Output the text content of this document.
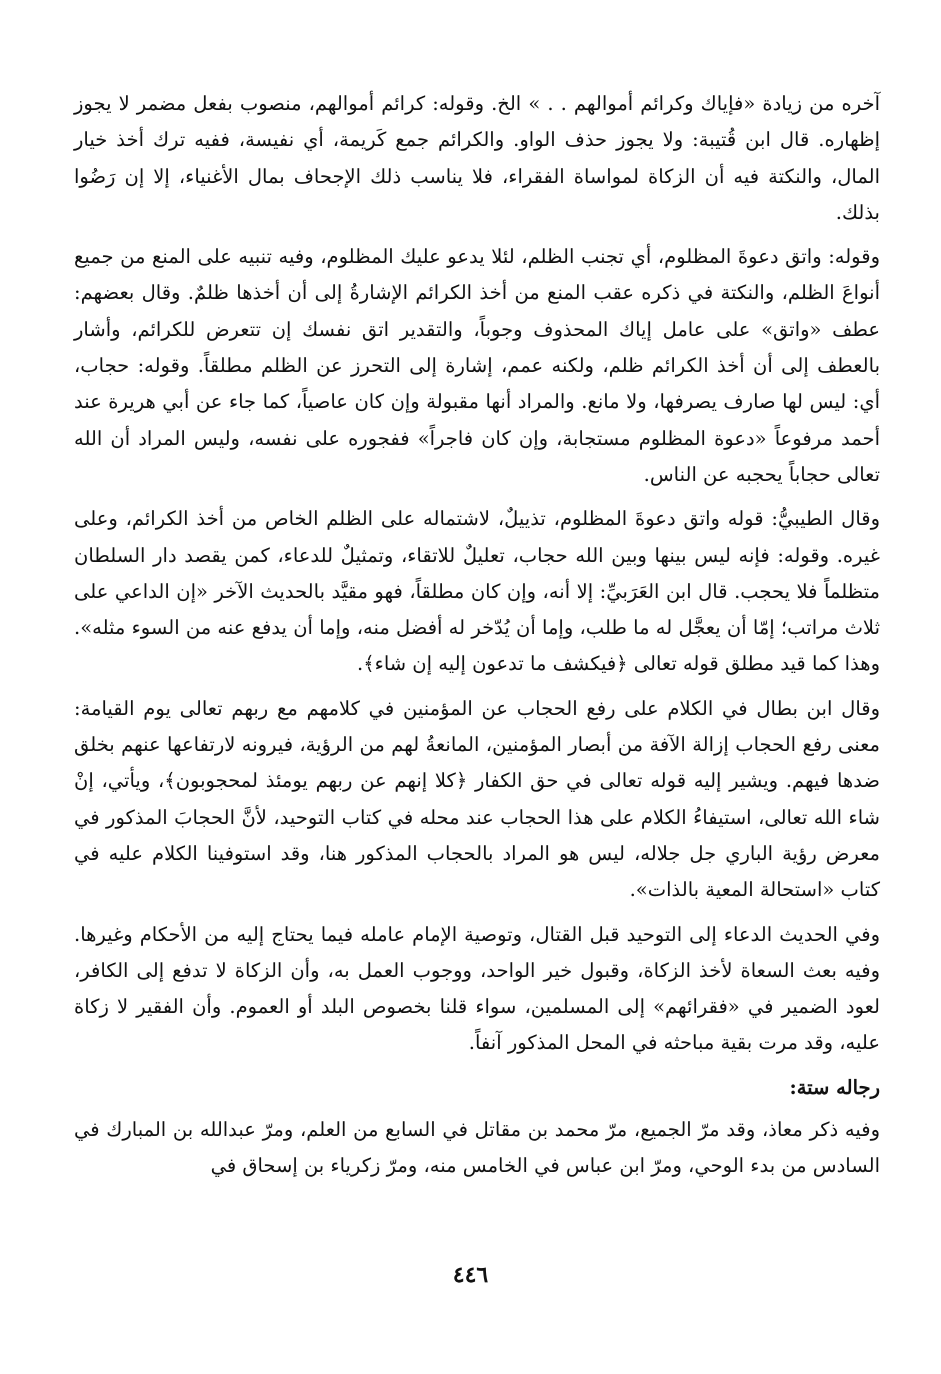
آخره من زيادة «فإياك وكرائم أموالهم . . » الخ. وقوله: كرائم أموالهم، منصوب بفعل مضمر لا يجوز إظهاره. قال ابن قُتيبة: ولا يجوز حذف الواو. والكرائم جمع كَريمة، أي نفيسة، ففيه ترك أخذ خيار المال، والنكتة فيه أن الزكاة لمواساة الفقراء، فلا يناسب ذلك الإجحاف بمال الأغنياء، إلا إن رَضُوا بذلك.

وقوله: واتق دعوةَ المظلوم، أي تجنب الظلم، لئلا يدعو عليك المظلوم، وفيه تنبيه على المنع من جميع أنواعَ الظلم، والنكتة في ذكره عقب المنع من أخذ الكرائم الإشارةُ إلى أن أخذها ظلمٌ. وقال بعضهم: عطف «واتق» على عامل إياك المحذوف وجوباً، والتقدير اتق نفسك إن تتعرض للكرائم، وأشار بالعطف إلى أن أخذ الكرائم ظلم، ولكنه عمم، إشارة إلى التحرز عن الظلم مطلقاً. وقوله: حجاب، أي: ليس لها صارف يصرفها، ولا مانع. والمراد أنها مقبولة وإن كان عاصياً، كما جاء عن أبي هريرة عند أحمد مرفوعاً «دعوة المظلوم مستجابة، وإن كان فاجراً» ففجوره على نفسه، وليس المراد أن الله تعالى حجاباً يحجبه عن الناس.

وقال الطيبيُّ: قوله واتق دعوةَ المظلوم، تذييلٌ، لاشتماله على الظلم الخاص من أخذ الكرائم، وعلى غيره. وقوله: فإنه ليس بينها وبين الله حجاب، تعليلٌ للاتقاء، وتمثيلٌ للدعاء، كمن يقصد دار السلطان متظلماً فلا يحجب. قال ابن العَرَبيِّ: إلا أنه، وإن كان مطلقاً، فهو مقيَّد بالحديث الآخر «إن الداعي على ثلاث مراتب؛ إمّا أن يعجَّل له ما طلب، وإما أن يُدّخر له أفضل منه، وإما أن يدفع عنه من السوء مثله». وهذا كما قيد مطلق قوله تعالى ﴿فيكشف ما تدعون إليه إن شاء﴾.

وقال ابن بطال في الكلام على رفع الحجاب عن المؤمنين في كلامهم مع ربهم تعالى يوم القيامة: معنى رفع الحجاب إزالة الآفة من أبصار المؤمنين، المانعةُ لهم من الرؤية، فيرونه لارتفاعها عنهم بخلق ضدها فيهم. ويشير إليه قوله تعالى في حق الكفار ﴿كلا إنهم عن ربهم يومئذ لمحجوبون﴾، ويأتي، إنْ شاء الله تعالى، استيفاءُ الكلام على هذا الحجاب عند محله في كتاب التوحيد، لأنَّ الحجابَ المذكور في معرض رؤية الباري جل جلاله، ليس هو المراد بالحجاب المذكور هنا، وقد استوفينا الكلام عليه في كتاب «استحالة المعية بالذات».

وفي الحديث الدعاء إلى التوحيد قبل القتال، وتوصية الإمام عامله فيما يحتاج إليه من الأحكام وغيرها. وفيه بعث السعاة لأخذ الزكاة، وقبول خير الواحد، ووجوب العمل به، وأن الزكاة لا تدفع إلى الكافر، لعود الضمير في «فقرائهم» إلى المسلمين، سواء قلنا بخصوص البلد أو العموم. وأن الفقير لا زكاة عليه، وقد مرت بقية مباحثه في المحل المذكور آنفاً.

رجاله ستة:

وفيه ذكر معاذ، وقد مرّ الجميع، مرّ محمد بن مقاتل في السابع من العلم، ومرّ عبدالله بن المبارك في السادس من بدء الوحي، ومرّ ابن عباس في الخامس منه، ومرّ زكرياء بن إسحاق في

٤٤٦
